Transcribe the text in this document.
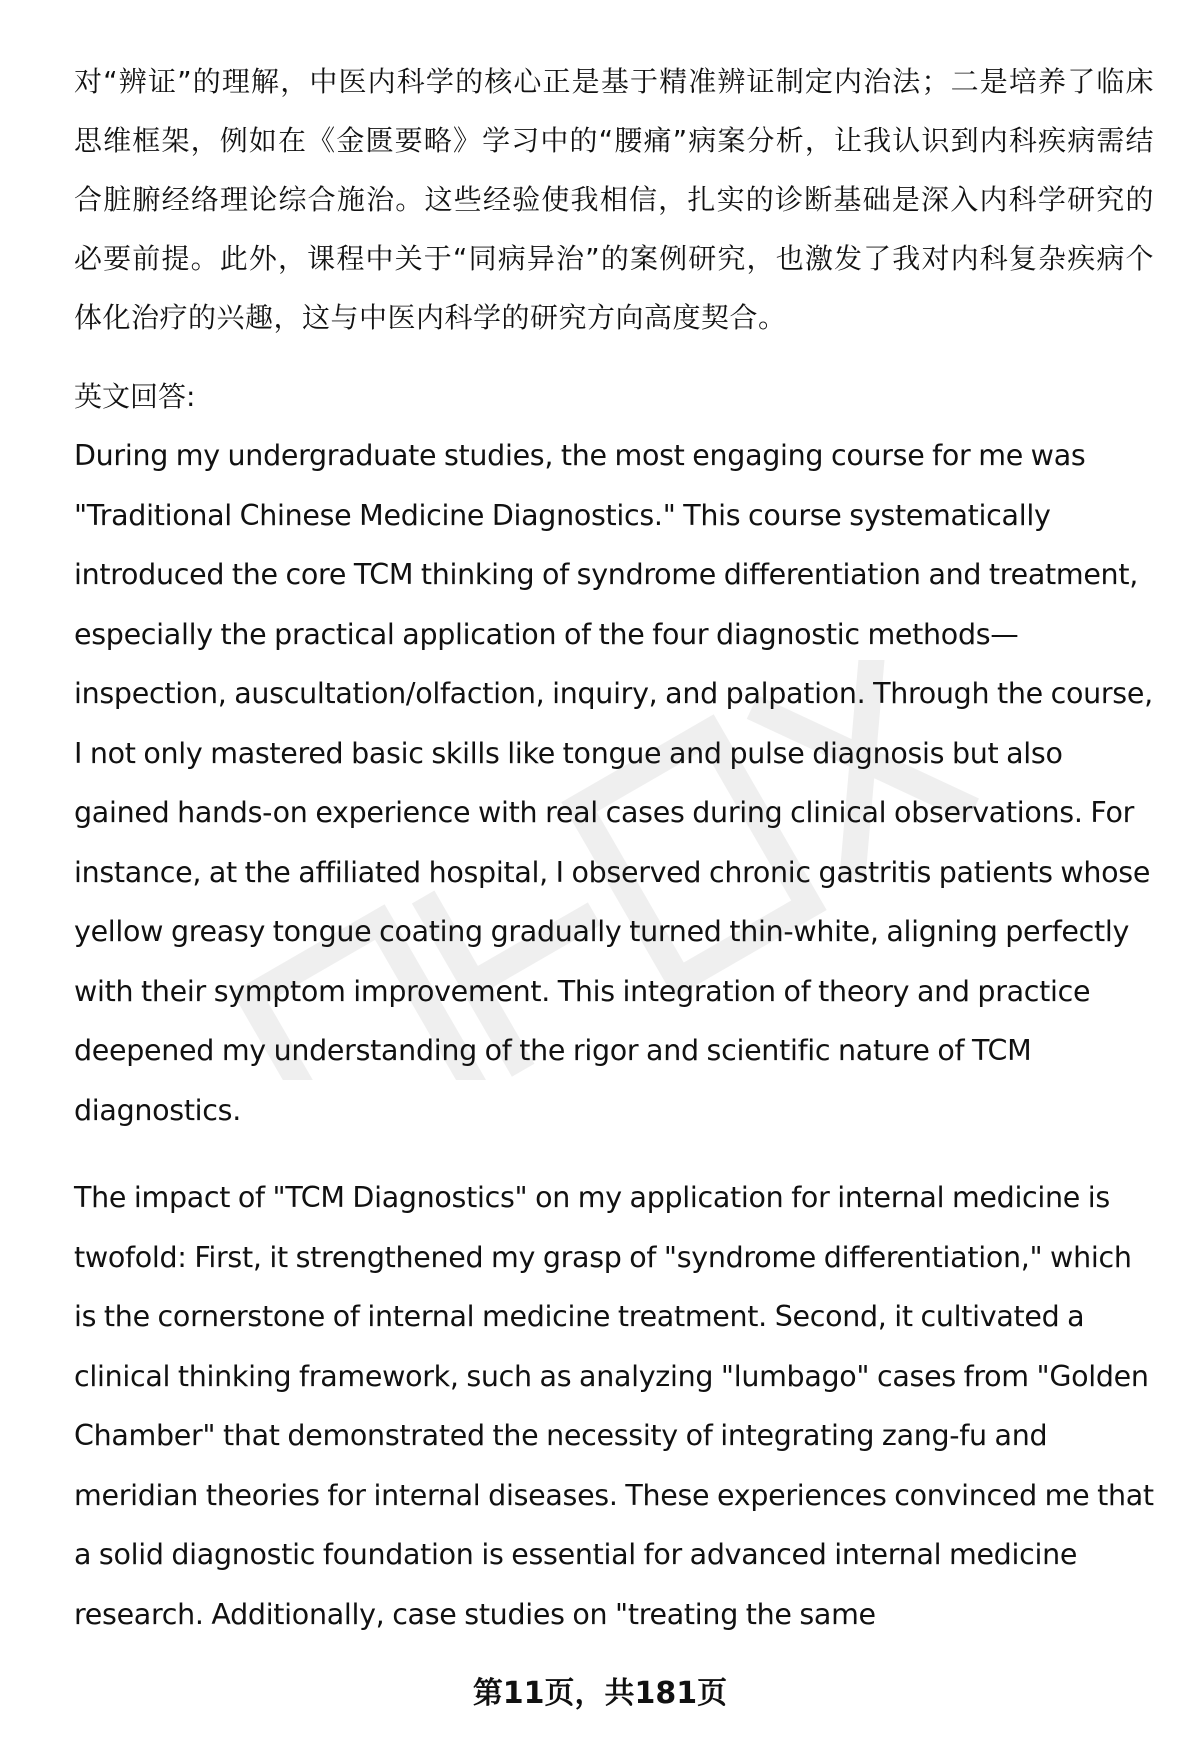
对“辨证”的理解，中医内科学的核心正是基于精准辨证制定内治法；二是培养了临床思维框架，例如在《金匮要略》学习中的“腰痛”病案分析，让我认识到内科疾病需结合脏腑经络理论综合施治。这些经验使我相信，扎实的诊断基础是深入内科学研究的必要前提。此外，课程中关于“同病异治”的案例研究，也激发了我对内科复杂疾病个体化治疗的兴趣，这与中医内科学的研究方向高度契合。

英文回答:

During my undergraduate studies, the most engaging course for me was "Traditional Chinese Medicine Diagnostics." This course systematically introduced the core TCM thinking of syndrome differentiation and treatment, especially the practical application of the four diagnostic methods—inspection, auscultation/olfaction, inquiry, and palpation. Through the course, I not only mastered basic skills like tongue and pulse diagnosis but also gained hands-on experience with real cases during clinical observations. For instance, at the affiliated hospital, I observed chronic gastritis patients whose yellow greasy tongue coating gradually turned thin-white, aligning perfectly with their symptom improvement. This integration of theory and practice deepened my understanding of the rigor and scientific nature of TCM diagnostics.

The impact of "TCM Diagnostics" on my application for internal medicine is twofold: First, it strengthened my grasp of "syndrome differentiation," which is the cornerstone of internal medicine treatment. Second, it cultivated a clinical thinking framework, such as analyzing "lumbago" cases from "Golden Chamber" that demonstrated the necessity of integrating zang-fu and meridian theories for internal diseases. These experiences convinced me that a solid diagnostic foundation is essential for advanced internal medicine research. Additionally, case studies on "treating the same

第11页，共181页
